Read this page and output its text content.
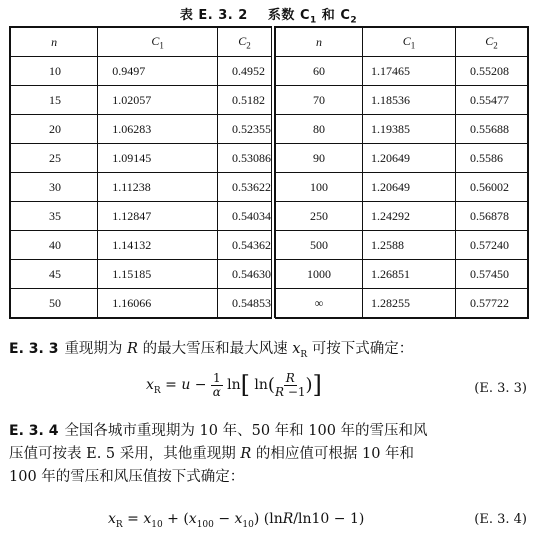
表 E. 3. 2 系数 $C_1$ 和 $C_2$
n	$C_1$	$C_2$
10	0.9497	0.4952
15	1.02057	0.5182
20	1.06283	0.52355
25	1.09145	0.53086
30	1.11238	0.53622
35	1.12847	0.54034
40	1.14132	0.54362
45	1.15185	0.54630
50	1.16066	0.54853
n	$C_1$	$C_2$
60	1.17465	0.55208
70	1.18536	0.55477
80	1.19385	0.55688
90	1.20649	0.5586
100	1.20649	0.56002
250	1.24292	0.56878
500	1.2588	0.57240
1000	1.26851	0.57450
∞	1.28255	0.57722
E. 3. 3 重现期为 R 的最大雪压和最大风速 $x_R$ 可按下式确定：
$x_R = u - \frac{1}{\alpha} \ln$[ $\ln( \frac{R}{R -1}$ )]	(E. 3. 3)
E. 3. 4 全国各城市重现期为 10 年、50 年和 100 年的雪压和风
压值可按表 E. 5 采用，其他重现期 R 的相应值可根据 10 年和
100 年的雪压和风压值按下式确定：
$x_R = x_{10} + (x_{100} - x_{10}) (\ln R/\ln 10 - 1)$	(E. 3. 4)
